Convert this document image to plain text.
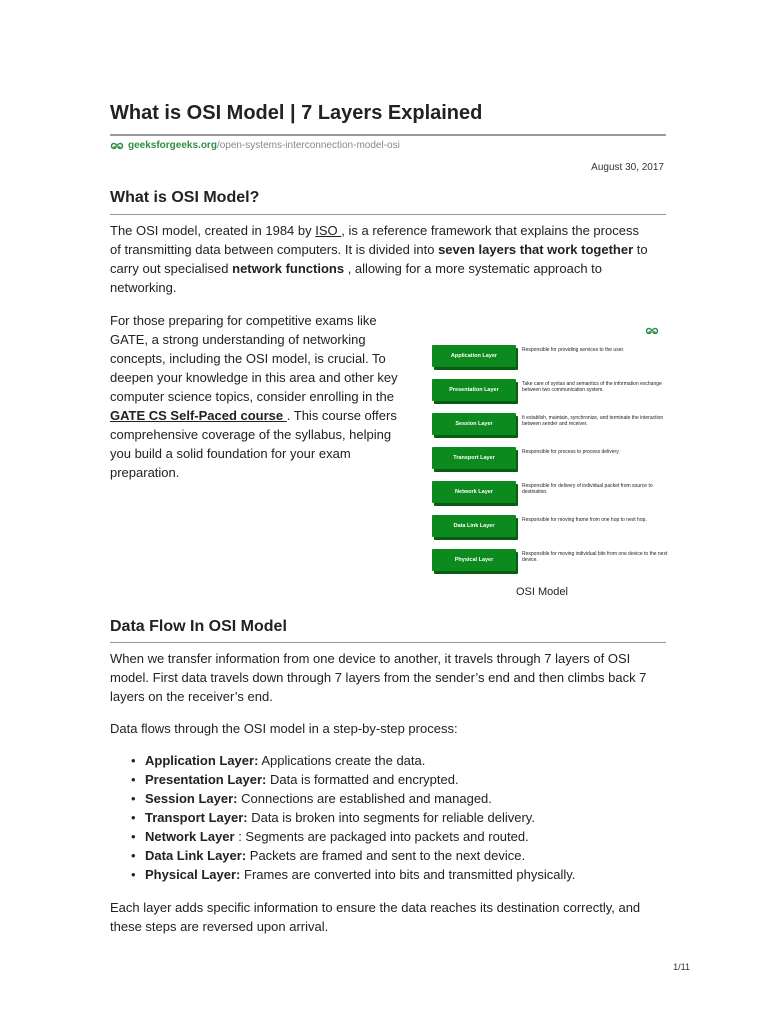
What is OSI Model | 7 Layers Explained
geeksforgeeks.org /open-systems-interconnection-model-osi
August 30, 2017
What is OSI Model?

The OSI model, created in 1984 by ISO , is a reference framework that explains the process of transmitting data between computers. It is divided into seven layers that work together to carry out specialised network functions , allowing for a more systematic approach to networking.

For those preparing for competitive exams like GATE, a strong understanding of networking concepts, including the OSI model, is crucial. To deepen your knowledge in this area and other key computer science topics, consider enrolling in the GATE CS Self-Paced course . This course offers comprehensive coverage of the syllabus, helping you build a solid foundation for your exam preparation.

Application Layer
Responsible for providing services to the user.
Presentation Layer
Take care of syntax and semantics of the information exchange between two communication system.
Session Layer
It establish, maintain, synchronize, and terminate the interaction between sender and receiver.
Transport Layer
Responsible for process to process delivery.
Network Layer
Responsible for delivery of individual packet from source to destination.
Data Link Layer
Responsible for moving frame from one hop to next hop.
Physical Layer
Responsible for moving individual bits from one device to the next device.
OSI Model
Data Flow In OSI Model

When we transfer information from one device to another, it travels through 7 layers of OSI model. First data travels down through 7 layers from the sender’s end and then climbs back 7 layers on the receiver’s end.

Data flows through the OSI model in a step-by-step process:

• Application Layer: Applications create the data.
• Presentation Layer: Data is formatted and encrypted.
• Session Layer: Connections are established and managed.
• Transport Layer: Data is broken into segments for reliable delivery.
• Network Layer : Segments are packaged into packets and routed.
• Data Link Layer: Packets are framed and sent to the next device.
• Physical Layer: Frames are converted into bits and transmitted physically.

Each layer adds specific information to ensure the data reaches its destination correctly, and these steps are reversed upon arrival.

1/11
